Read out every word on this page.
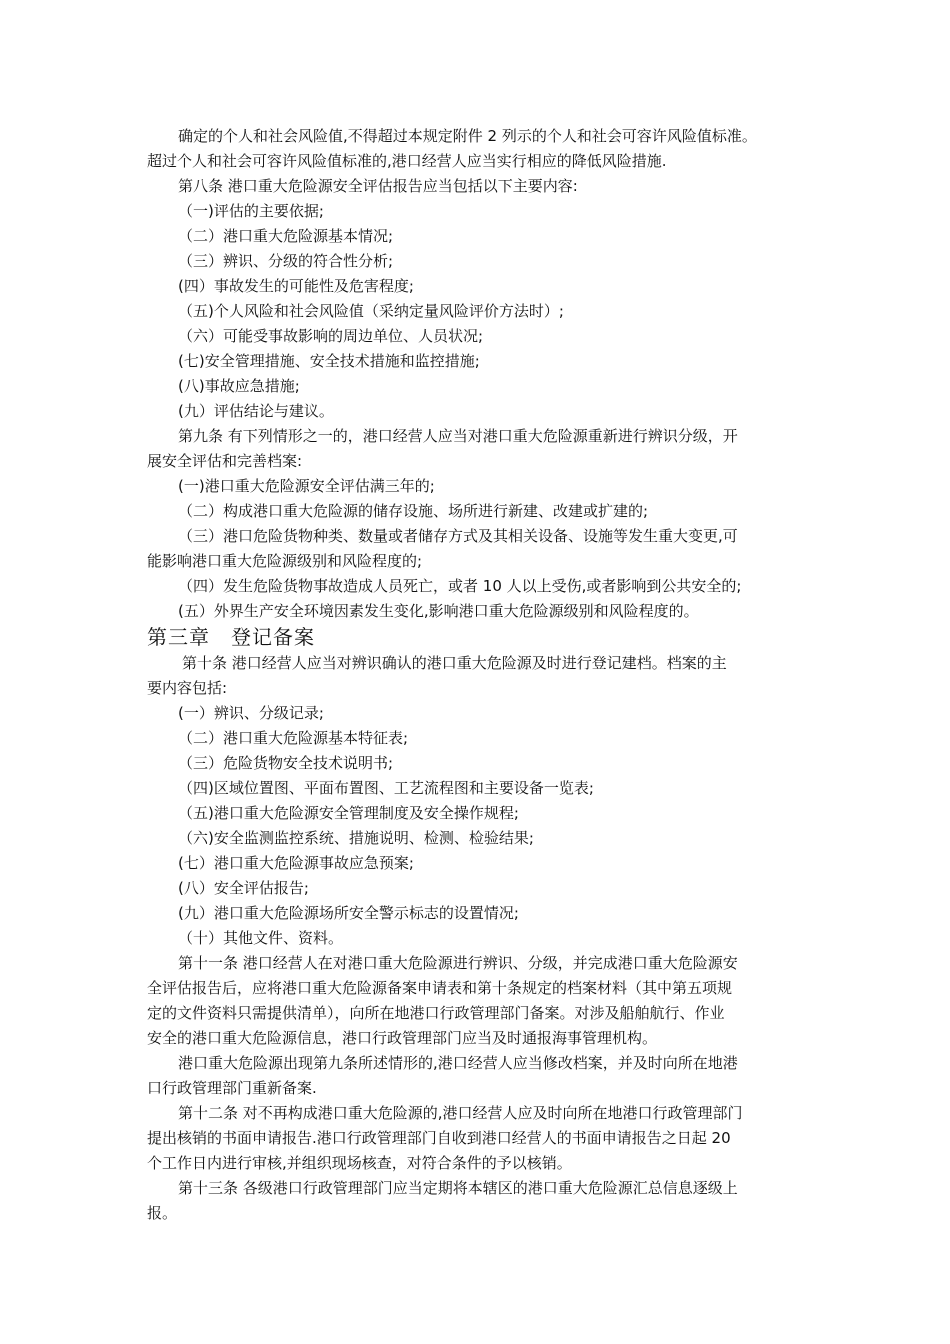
确定的个人和社会风险值,不得超过本规定附件 2 列示的个人和社会可容许风险值标准。
超过个人和社会可容许风险值标准的,港口经营人应当实行相应的降低风险措施.
第八条 港口重大危险源安全评估报告应当包括以下主要内容:
（一)评估的主要依据;
（二）港口重大危险源基本情况;
（三）辨识、分级的符合性分析;
(四）事故发生的可能性及危害程度;
（五)个人风险和社会风险值（采纳定量风险评价方法时）;
（六）可能受事故影响的周边单位、人员状况;
(七)安全管理措施、安全技术措施和监控措施;
(八)事故应急措施;
(九）评估结论与建议。
第九条 有下列情形之一的，港口经营人应当对港口重大危险源重新进行辨识分级，开
展安全评估和完善档案:
(一)港口重大危险源安全评估满三年的;
（二）构成港口重大危险源的储存设施、场所进行新建、改建或扩建的;
（三）港口危险货物种类、数量或者储存方式及其相关设备、设施等发生重大变更,可
能影响港口重大危险源级别和风险程度的;
（四）发生危险货物事故造成人员死亡，或者 10 人以上受伤,或者影响到公共安全的;
(五）外界生产安全环境因素发生变化,影响港口重大危险源级别和风险程度的。
第三章　登记备案
第十条 港口经营人应当对辨识确认的港口重大危险源及时进行登记建档。档案的主
要内容包括:
(一）辨识、分级记录;
（二）港口重大危险源基本特征表;
（三）危险货物安全技术说明书;
（四)区域位置图、平面布置图、工艺流程图和主要设备一览表;
（五)港口重大危险源安全管理制度及安全操作规程;
（六)安全监测监控系统、措施说明、检测、检验结果;
(七）港口重大危险源事故应急预案;
(八）安全评估报告;
(九）港口重大危险源场所安全警示标志的设置情况;
（十）其他文件、资料。
第十一条 港口经营人在对港口重大危险源进行辨识、分级，并完成港口重大危险源安
全评估报告后，应将港口重大危险源备案申请表和第十条规定的档案材料（其中第五项规
定的文件资料只需提供清单），向所在地港口行政管理部门备案。对涉及船舶航行、作业
安全的港口重大危险源信息，港口行政管理部门应当及时通报海事管理机构。
港口重大危险源出现第九条所述情形的,港口经营人应当修改档案，并及时向所在地港
口行政管理部门重新备案.
第十二条 对不再构成港口重大危险源的,港口经营人应及时向所在地港口行政管理部门
提出核销的书面申请报告.港口行政管理部门自收到港口经营人的书面申请报告之日起 20
个工作日内进行审核,并组织现场核查，对符合条件的予以核销。
第十三条 各级港口行政管理部门应当定期将本辖区的港口重大危险源汇总信息逐级上
报。
